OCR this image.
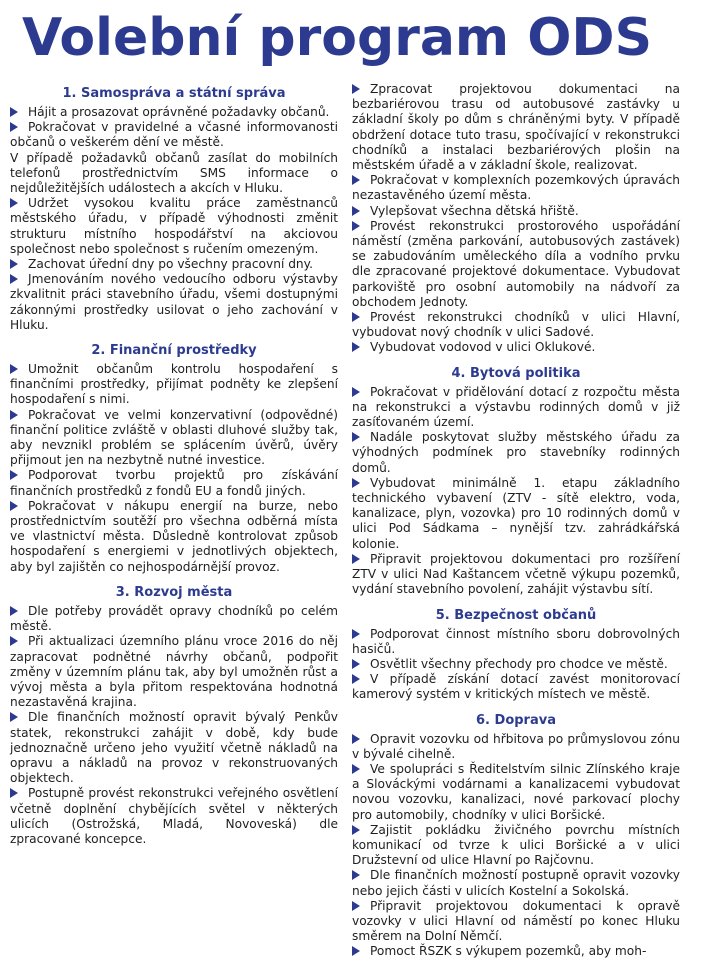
Volební program ODS
1. Samospráva a státní správa

Hájit a prosazovat oprávněné požadavky občanů.

Pokračovat v pravidelné a včasné informovanosti občanů o veškerém dění ve městě.

V případě požadavků občanů zasílat do mobilních telefonů prostřednictvím SMS informace o nejdůležitějších událostech a akcích v Hluku.

Udržet vysokou kvalitu práce zaměstnanců městského úřadu, v případě výhodnosti změnit strukturu místního hospodářství na akciovou společnost nebo společnost s ručením omezeným.

Zachovat úřední dny po všechny pracovní dny.

Jmenováním nového vedoucího odboru výstavby zkvalitnit práci stavebního úřadu, všemi dostupnými zákonnými prostředky usilovat o jeho zachování v Hluku.

2. Finanční prostředky

Umožnit občanům kontrolu hospodaření s finančními prostředky, přijímat podněty ke zlepšení hospodaření s nimi.

Pokračovat ve velmi konzervativní (odpovědné) finanční politice zvláště v oblasti dluhové služby tak, aby nevznikl problém se splácením úvěrů, úvěry přijmout jen na nezbytně nutné investice.

Podporovat tvorbu projektů pro získávání finančních prostředků z fondů EU a fondů jiných.

Pokračovat v nákupu energií na burze, nebo prostřednictvím soutěží pro všechna odběrná místa ve vlastnictví města. Důsledně kontrolovat způsob hospodaření s energiemi v jednotlivých objektech, aby byl zajištěn co nejhospodárnější provoz.

3. Rozvoj města

Dle potřeby provádět opravy chodníků po celém městě.

Při aktualizaci územního plánu vroce 2016 do něj zapracovat podnětné návrhy občanů, podpořit změny v územním plánu tak, aby byl umožněn růst a vývoj města a byla přitom respektována hodnotná nezastavěná krajina.

Dle finančních možností opravit bývalý Penkův statek, rekonstrukci zahájit v době, kdy bude jednoznačně určeno jeho využití včetně nákladů na opravu a nákladů na provoz v rekonstruovaných objektech.

Postupně provést rekonstrukci veřejného osvětlení včetně doplnění chybějících světel v některých ulicích (Ostrožská, Mladá, Novoveská) dle zpracované koncepce.

Zpracovat projektovou dokumentaci na bezbariérovou trasu od autobusové zastávky u základní školy po dům s chráněnými byty. V případě obdržení dotace tuto trasu, spočívající v rekonstrukci chodníků a instalaci bezbariérových plošin na městském úřadě a v základní škole, realizovat.

Pokračovat v komplexních pozemkových úpravách nezastavěného území města.

Vylepšovat všechna dětská hřiště.

Provést rekonstrukci prostorového uspořádání náměstí (změna parkování, autobusových zastávek) se zabudováním uměleckého díla a vodního prvku dle zpracované projektové dokumentace. Vybudovat parkoviště pro osobní automobily na nádvoří za obchodem Jednoty.

Provést rekonstrukci chodníků v ulici Hlavní, vybudovat nový chodník v ulici Sadové.

Vybudovat vodovod v ulici Oklukové.

4. Bytová politika

Pokračovat v přidělování dotací z rozpočtu města na rekonstrukci a výstavbu rodinných domů v již zasíťovaném území.

Nadále poskytovat služby městského úřadu za výhodných podmínek pro stavebníky rodinných domů.

Vybudovat minimálně 1. etapu základního technického vybavení (ZTV - sítě elektro, voda, kanalizace, plyn, vozovka) pro 10 rodinných domů v ulici Pod Sádkama – nynější tzv. zahrádkářská kolonie.

Připravit projektovou dokumentaci pro rozšíření ZTV v ulici Nad Kaštancem včetně výkupu pozemků, vydání stavebního povolení, zahájit výstavbu sítí.

5. Bezpečnost občanů

Podporovat činnost místního sboru dobrovolných hasičů.

Osvětlit všechny přechody pro chodce ve městě.

V případě získání dotací zavést monitorovací kamerový systém v kritických místech ve městě.

6. Doprava

Opravit vozovku od hřbitova po průmyslovou zónu v bývalé cihelně.

Ve spolupráci s Ředitelstvím silnic Zlínského kraje a Slováckými vodárnami a kanalizacemi vybudovat novou vozovku, kanalizaci, nové parkovací plochy pro automobily, chodníky v ulici Boršické.

Zajistit pokládku živičného povrchu místních komunikací od tvrze k ulici Boršické a v ulici Družstevní od ulice Hlavní po Rajčovnu.

Dle finančních možností postupně opravit vozovky nebo jejich části v ulicích Kostelní a Sokolská.

Připravit projektovou dokumentaci k opravě vozovky v ulici Hlavní od náměstí po konec Hluku směrem na Dolní Němčí.

Pomoct ŘSZK s výkupem pozemků, aby moh-
